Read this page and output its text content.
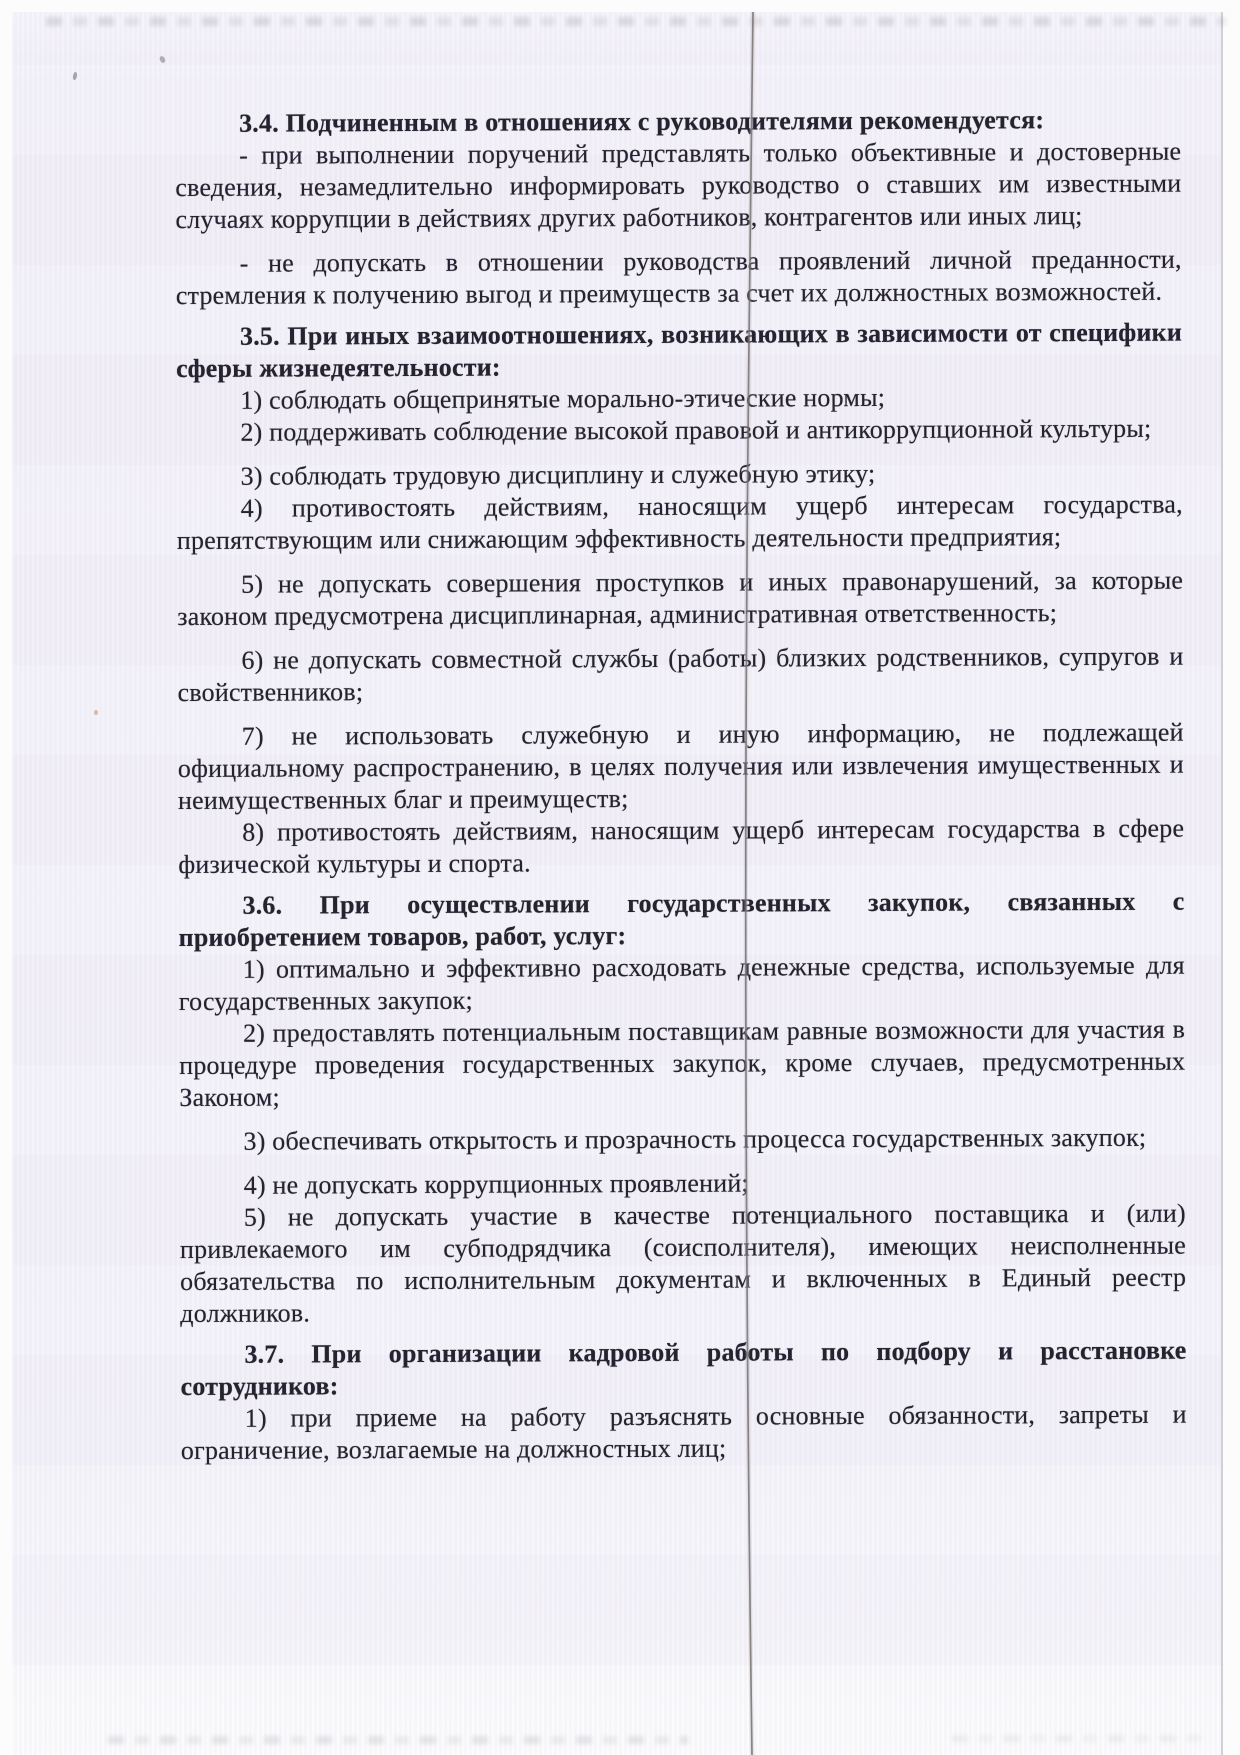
3.4. Подчиненным в отношениях с руководителями рекомендуется:

- при выполнении поручений представлять только объективные и достоверные сведения, незамедлительно информировать руководство о ставших им известными случаях коррупции в действиях других работников, контрагентов или иных лиц;

- не допускать в отношении руководства проявлений личной преданности, стремления к получению выгод и преимуществ за счет их должностных возможностей.

3.5. При иных взаимоотношениях, возникающих в зависимости от специфики сферы жизнедеятельности:

1) соблюдать общепринятые морально-этические нормы;

2) поддерживать соблюдение высокой правовой и антикоррупционной культуры;

3) соблюдать трудовую дисциплину и служебную этику;

4) противостоять действиям, наносящим ущерб интересам государства, препятствующим или снижающим эффективность деятельности предприятия;

5) не допускать совершения проступков и иных правонарушений, за которые законом предусмотрена дисциплинарная, административная ответственность;

6) не допускать совместной службы (работы) близких родственников, супругов и свойственников;

7) не использовать служебную и иную информацию, не подлежащей официальному распространению, в целях получения или извлечения имущественных и неимущественных благ и преимуществ;

8) противостоять действиям, наносящим ущерб интересам государства в сфере физической культуры и спорта.

3.6. При осуществлении государственных закупок, связанных с приобретением товаров, работ, услуг:

1) оптимально и эффективно расходовать денежные средства, используемые для государственных закупок;

2) предоставлять потенциальным поставщикам равные возможности для участия в процедуре проведения государственных закупок, кроме случаев, предусмотренных Законом;

3) обеспечивать открытость и прозрачность процесса государственных закупок;

4) не допускать коррупционных проявлений;

5) не допускать участие в качестве потенциального поставщика и (или) привлекаемого им субподрядчика (соисполнителя), имеющих неисполненные обязательства по исполнительным документам и включенных в Единый реестр должников.

3.7. При организации кадровой работы по подбору и расстановке сотрудников:

1) при приеме на работу разъяснять основные обязанности, запреты и ограничение, возлагаемые на должностных лиц;
